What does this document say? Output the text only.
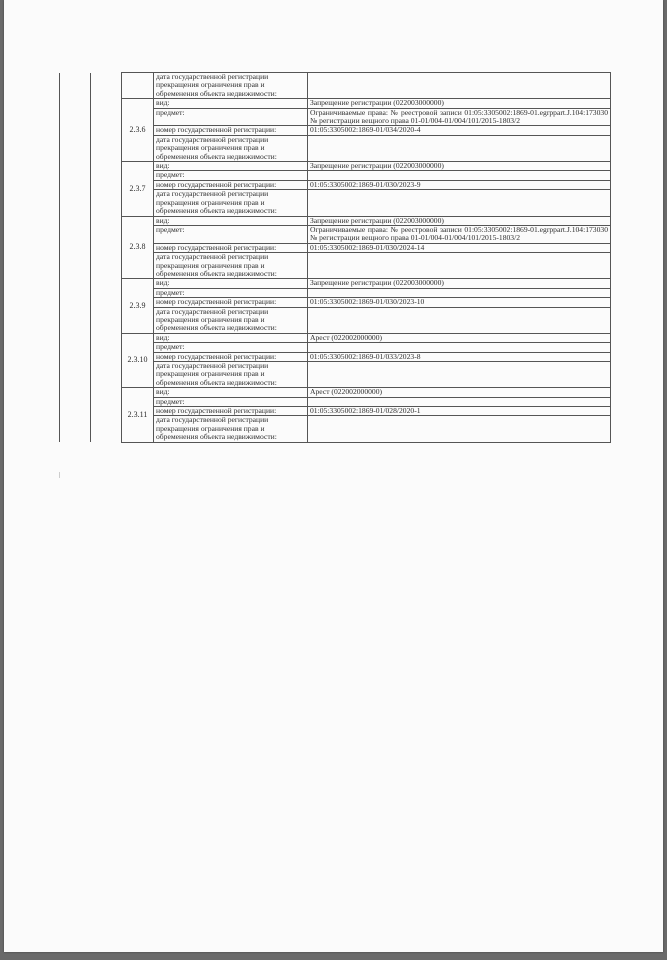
			дата государственной регистрации прекращения ограничения прав и обременения объекта недвижимости:	
		2.3.6	вид:	Запрещение регистрации (022003000000)
			предмет:	Ограничиваемые права: № реестровой записи 01:05:3305002:1869-01.egrpрart.J.104:173030 № регистрации вещного права 01-01/004-01/004/101/2015-1803/2
			номер государственной регистрации:	01:05:3305002:1869-01/034/2020-4
			дата государственной регистрации прекращения ограничения прав и обременения объекта недвижимости:	
		2.3.7	вид:	Запрещение регистрации (022003000000)
			предмет:	
			номер государственной регистрации:	01:05:3305002:1869-01/030/2023-9
			дата государственной регистрации прекращения ограничения прав и обременения объекта недвижимости:	
		2.3.8	вид:	Запрещение регистрации (022003000000)
			предмет:	Ограничиваемые права: № реестровой записи 01:05:3305002:1869-01.egrpрart.J.104:173030 № регистрации вещного права 01-01/004-01/004/101/2015-1803/2
			номер государственной регистрации:	01:05:3305002:1869-01/030/2024-14
			дата государственной регистрации прекращения ограничения прав и обременения объекта недвижимости:	
		2.3.9	вид:	Запрещение регистрации (022003000000)
			предмет:	
			номер государственной регистрации:	01:05:3305002:1869-01/030/2023-10
			дата государственной регистрации прекращения ограничения прав и обременения объекта недвижимости:	
		2.3.10	вид:	Арест (022002000000)
			предмет:	
			номер государственной регистрации:	01:05:3305002:1869-01/033/2023-8
			дата государственной регистрации прекращения ограничения прав и обременения объекта недвижимости:	
		2.3.11	вид:	Арест (022002000000)
			предмет:	
			номер государственной регистрации:	01:05:3305002:1869-01/028/2020-1
			дата государственной регистрации прекращения ограничения прав и обременения объекта недвижимости:	
